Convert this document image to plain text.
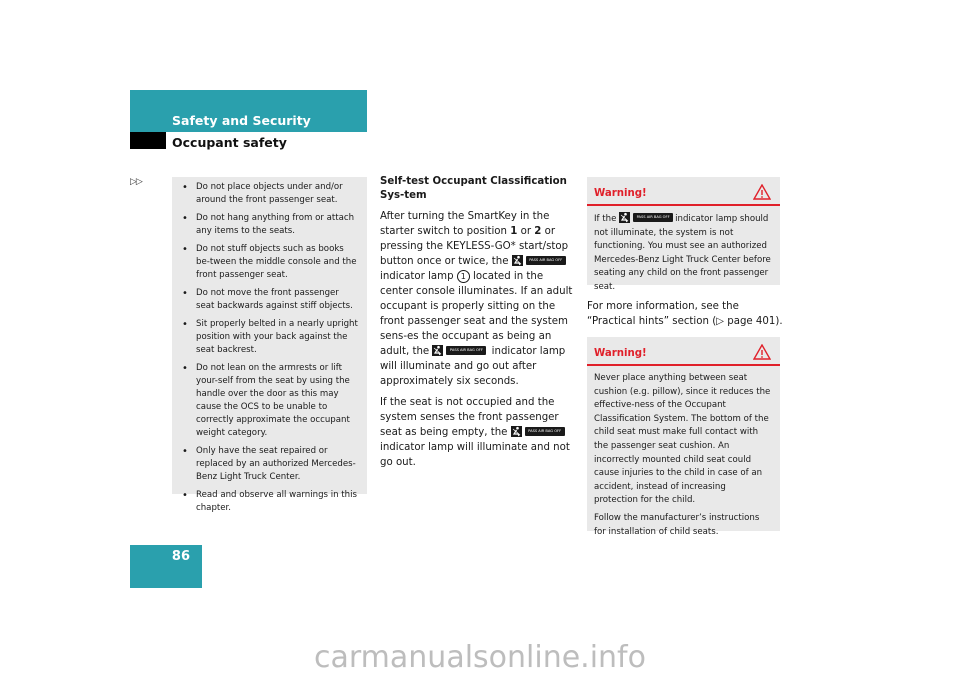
Safety and Security
Occupant safety
▷▷
•	Do not place objects under and/or around the front passenger seat.
• Do not hang anything from or attach any items to the seats.
• Do not stuff objects such as books be-tween the middle console and the front passenger seat.
• Do not move the front passenger seat backwards against stiff objects.
• Sit properly belted in a nearly upright position with your back against the seat backrest.
• Do not lean on the armrests or lift your-self from the seat by using the handle over the door as this may cause the OCS to be unable to correctly approximate the occupant weight category.
• Only have the seat repaired or replaced by an authorized Mercedes-Benz Light Truck Center.
• Read and observe all warnings in this chapter.
Self-test Occupant Classification Sys-tem

After turning the SmartKey in the starter switch to position 1 or 2 or pressing the KEYLESS-GO* start/stop button once or twice, the	PASS AIR BAG OFF
indicator lamp 1 located in the center console illuminates. If an adult occupant is properly sitting on the front passenger seat and the system sens-es the occupant as being an adult, the	PASS AIR BAG OFF indicator lamp will illuminate and go out after approximately six seconds.

If the seat is not occupied and the system senses the front passenger seat as being empty, the	PASS AIR BAG OFF
indicator lamp will illuminate and not go out.

Warning!

If the	PASS AIR BAG OFF indicator lamp should not illuminate, the system is not functioning. You must see an authorized Mercedes-Benz Light Truck Center before seating any child on the front passenger seat.

For more information, see the “Practical hints” section (▷ page 401).

Warning!

Never place anything between seat cushion (e.g. pillow), since it reduces the effective-ness of the Occupant Classification System. The bottom of the child seat must make full contact with the passenger seat cushion. An incorrectly mounted child seat could cause injuries to the child in case of an accident, instead of increasing protection for the child.

Follow the manufacturer’s instructions for installation of child seats.

86
carmanualsonline.info
